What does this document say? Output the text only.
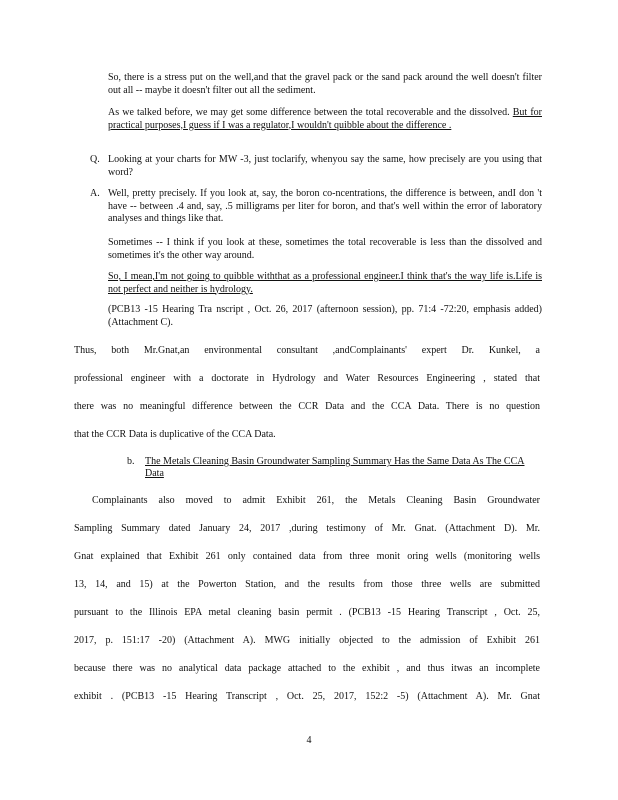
So, there is a stress put on the well,and that the gravel pack or the sand pack around the well doesn't filter out all -- maybe it doesn't filter out all the sediment.
As we talked before, we may get some difference between the total recoverable and the dissolved. But for practical purposes,I guess if I was a regulator,I wouldn't quibble about the difference .
Q. Looking at your charts for MW -3, just toclarify, whenyou say the same, how precisely are you using that word?
A. Well, pretty precisely. If you look at, say, the boron co-ncentrations, the difference is between, andI don 't have -- between .4 and, say, .5 milligrams per liter for boron, and that's well within the error of laboratory analyses and things like that.
Sometimes -- I think if you look at these, sometimes the total recoverable is less than the dissolved and sometimes it's the other way around.
So, I mean,I'm not going to quibble withthat as a professional engineer.I think that's the way life is.Life is not perfect and neither is hydrology.
(PCB13 -15 Hearing Tra nscript , Oct. 26, 2017 (afternoon session), pp. 71:4 -72:20, emphasis added) (Attachment C).
Thus, both Mr.Gnat,an environmental consultant ,andComplainants' expert Dr. Kunkel, a
professional engineer with a doctorate in Hydrology and Water Resources Engineering , stated that
there was no meaningful difference between the CCR Data and the CCA Data. There is no question
that the CCR Data is duplicative of the CCA Data.
b. The Metals Cleaning Basin Groundwater Sampling Summary Has the Same Data As The CCA Data
Complainants also moved to admit Exhibit 261, the Metals Cleaning Basin Groundwater
Sampling Summary dated January 24, 2017 ,during testimony of Mr. Gnat. (Attachment D). Mr.
Gnat explained that Exhibit 261 only contained data from three monit oring wells (monitoring wells
13, 14, and 15) at the Powerton Station, and the results from those three wells are submitted
pursuant to the Illinois EPA metal cleaning basin permit . (PCB13 -15 Hearing Transcript , Oct. 25,
2017, p. 151:17 -20) (Attachment A). MWG initially objected to the admission of Exhibit 261
because there was no analytical data package attached to the exhibit , and thus itwas an incomplete
exhibit . (PCB13 -15 Hearing Transcript , Oct. 25, 2017, 152:2 -5) (Attachment A). Mr. Gnat
4
